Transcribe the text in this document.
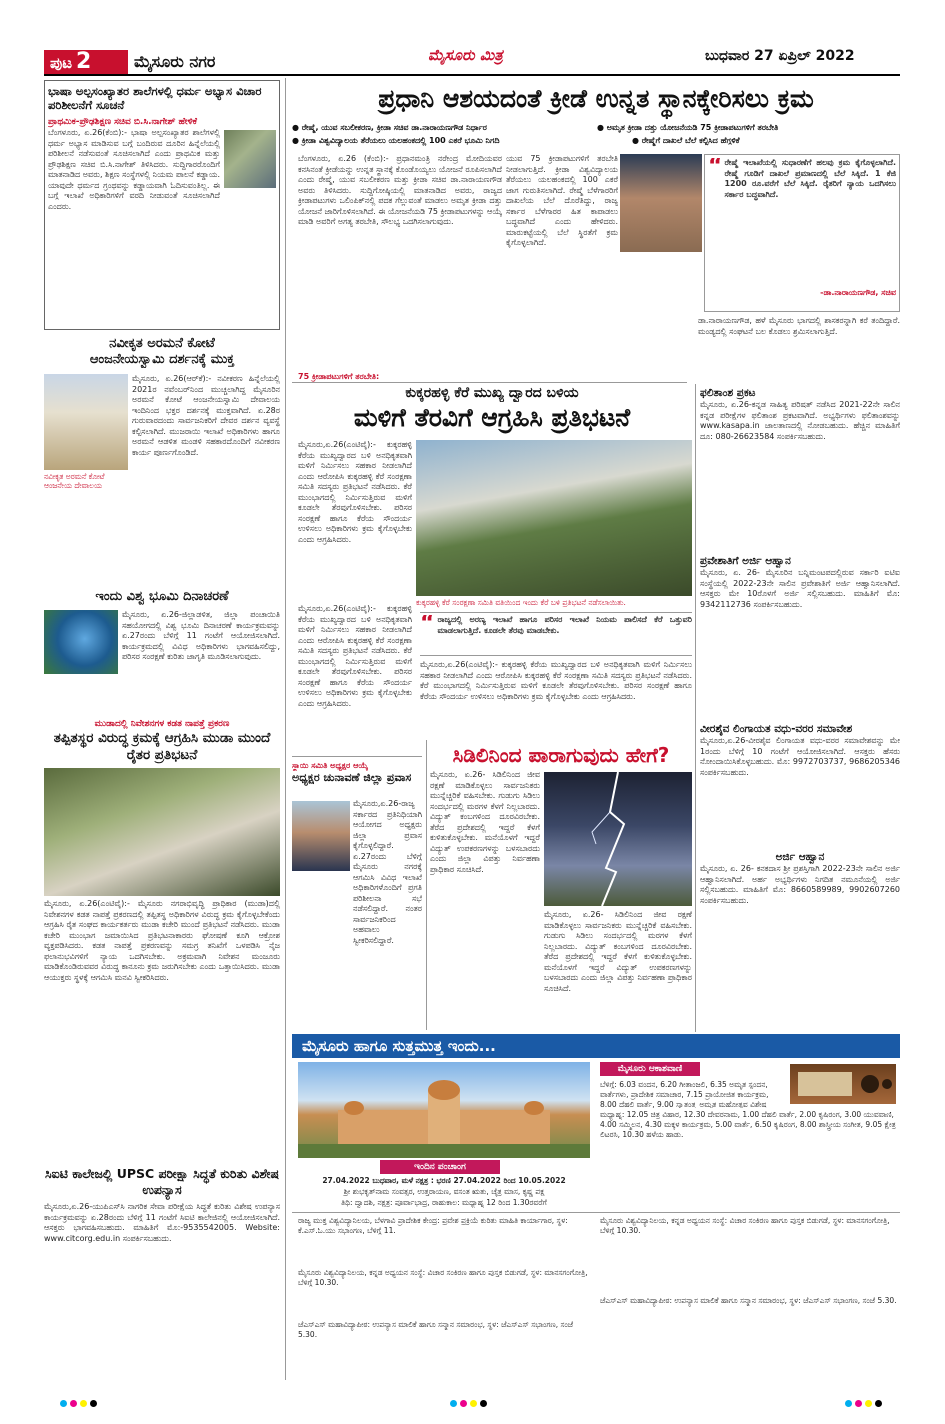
ಪುಟ 2	ಮೈಸೂರು ನಗರ	ಮೈಸೂರು ಮಿತ್ರ	ಬುಧವಾರ 27 ಏಪ್ರಿಲ್ 2022
ಭಾಷಾ ಅಲ್ಪಸಂಖ್ಯಾತರ ಶಾಲೆಗಳಲ್ಲಿ ಧರ್ಮ ಅಭ್ಯಾಸ ವಿಚಾರ ಪರಿಶೀಲನೆಗೆ ಸೂಚನೆ
ಪ್ರಾಥಮಿಕ-ಪ್ರೌಢಶಿಕ್ಷಣ ಸಚಿವ ಬಿ.ಸಿ.ನಾಗೇಶ್ ಹೇಳಿಕೆ
ಬೆಂಗಳೂರು, ಏ.26(ಕೆಂಬಿ):- ಭಾಷಾ ಅಲ್ಪಸಂಖ್ಯಾತರ ಶಾಲೆಗಳಲ್ಲಿ ಧರ್ಮ ಅಭ್ಯಾಸ ಮಾಡಿಸುವ ಬಗ್ಗೆ ಬಂದಿರುವ ದೂರಿನ ಹಿನ್ನೆಲೆಯಲ್ಲಿ ಪರಿಶೀಲನೆ ನಡೆಸುವಂತೆ ಸೂಚಿಸಲಾಗಿದೆ ಎಂದು ಪ್ರಾಥಮಿಕ ಮತ್ತು ಪ್ರೌಢಶಿಕ್ಷಣ ಸಚಿವ ಬಿ.ಸಿ.ನಾಗೇಶ್ ತಿಳಿಸಿದರು. ಸುದ್ದಿಗಾರರೊಂದಿಗೆ ಮಾತನಾಡಿದ ಅವರು, ಶಿಕ್ಷಣ ಸಂಸ್ಥೆಗಳಲ್ಲಿ ನಿಯಮ ಪಾಲನೆ ಕಡ್ಡಾಯ. ಯಾವುದೇ ಧರ್ಮದ ಗ್ರಂಥವನ್ನು ಕಡ್ಡಾಯವಾಗಿ ಓದಿಸುವಂತಿಲ್ಲ. ಈ ಬಗ್ಗೆ ಇಲಾಖೆ ಅಧಿಕಾರಿಗಳಿಗೆ ವರದಿ ನೀಡುವಂತೆ ಸೂಚಿಸಲಾಗಿದೆ ಎಂದರು.
ನವೀಕೃತ ಅರಮನೆ ಕೋಟೆ
ಆಂಜನೇಯಸ್ವಾಮಿ ದರ್ಶನಕ್ಕೆ ಮುಕ್ತ
ನವೀಕೃತ ಅರಮನೆ ಕೋಟೆ ಆಂಜನೇಯ ದೇವಾಲಯ
ಮೈಸೂರು, ಏ.26(ಆರ್‌ಕೆ):- ನವೀಕರಣ ಹಿನ್ನೆಲೆಯಲ್ಲಿ 2021ರ ನವೆಂಬರ್‌ನಿಂದ ಮುಚ್ಚಲಾಗಿದ್ದ ಮೈಸೂರಿನ ಅರಮನೆ ಕೋಟೆ ಆಂಜನೇಯಸ್ವಾಮಿ ದೇವಾಲಯ ಇಂದಿನಿಂದ ಭಕ್ತರ ದರ್ಶನಕ್ಕೆ ಮುಕ್ತವಾಗಿದೆ. ಏ.28ರ ಗುರುವಾರದಂದು ಸಾರ್ವಜನಿಕರಿಗೆ ದೇವರ ದರ್ಶನ ವ್ಯವಸ್ಥೆ ಕಲ್ಪಿಸಲಾಗಿದೆ. ಮುಜರಾಯಿ ಇಲಾಖೆ ಅಧಿಕಾರಿಗಳು ಹಾಗೂ ಅರಮನೆ ಆಡಳಿತ ಮಂಡಳಿ ಸಹಕಾರದೊಂದಿಗೆ ನವೀಕರಣ ಕಾರ್ಯ ಪೂರ್ಣಗೊಂಡಿದೆ.
ಇಂದು ವಿಶ್ವ ಭೂಮಿ ದಿನಾಚರಣೆ
ಮೈಸೂರು, ಏ.26-ಜಿಲ್ಲಾಡಳಿತ, ಜಿಲ್ಲಾ ಪಂಚಾಯಿತಿ ಸಹಯೋಗದಲ್ಲಿ ವಿಶ್ವ ಭೂಮಿ ದಿನಾಚರಣೆ ಕಾರ್ಯಕ್ರಮವನ್ನು ಏ.27ರಂದು ಬೆಳಿಗ್ಗೆ 11 ಗಂಟೆಗೆ ಆಯೋಜಿಸಲಾಗಿದೆ. ಕಾರ್ಯಕ್ರಮದಲ್ಲಿ ವಿವಿಧ ಅಧಿಕಾರಿಗಳು ಭಾಗವಹಿಸಲಿದ್ದು, ಪರಿಸರ ಸಂರಕ್ಷಣೆ ಕುರಿತು ಜಾಗೃತಿ ಮೂಡಿಸಲಾಗುವುದು.
ಮುಡಾದಲ್ಲಿ ನಿವೇಶನಗಳ ಕಡತ ನಾಪತ್ತೆ ಪ್ರಕರಣ
ತಪ್ಪಿತಸ್ಥರ ವಿರುದ್ಧ ಕ್ರಮಕ್ಕೆ ಆಗ್ರಹಿಸಿ ಮುಡಾ ಮುಂದೆ ರೈತರ ಪ್ರತಿಭಟನೆ
ಮೈಸೂರು, ಏ.26(ಎಂಟಿವೈ):- ಮೈಸೂರು ನಗರಾಭಿವೃದ್ಧಿ ಪ್ರಾಧಿಕಾರ (ಮುಡಾ)ದಲ್ಲಿ ನಿವೇಶನಗಳ ಕಡತ ನಾಪತ್ತೆ ಪ್ರಕರಣದಲ್ಲಿ ತಪ್ಪಿತಸ್ಥ ಅಧಿಕಾರಿಗಳ ವಿರುದ್ಧ ಕ್ರಮ ಕೈಗೊಳ್ಳಬೇಕೆಂದು ಆಗ್ರಹಿಸಿ ರೈತ ಸಂಘದ ಕಾರ್ಯಕರ್ತರು ಮುಡಾ ಕಚೇರಿ ಮುಂದೆ ಪ್ರತಿಭಟನೆ ನಡೆಸಿದರು. ಮುಡಾ ಕಚೇರಿ ಮುಂಭಾಗ ಜಮಾಯಿಸಿದ ಪ್ರತಿಭಟನಾಕಾರರು ಘೋಷಣೆ ಕೂಗಿ ಆಕ್ರೋಶ ವ್ಯಕ್ತಪಡಿಸಿದರು. ಕಡತ ನಾಪತ್ತೆ ಪ್ರಕರಣವನ್ನು ಸಮಗ್ರ ತನಿಖೆಗೆ ಒಳಪಡಿಸಿ ನೈಜ ಫಲಾನುಭವಿಗಳಿಗೆ ನ್ಯಾಯ ಒದಗಿಸಬೇಕು. ಅಕ್ರಮವಾಗಿ ನಿವೇಶನ ಮಂಜೂರು ಮಾಡಿಕೊಂಡಿರುವವರ ವಿರುದ್ಧ ಕಾನೂನು ಕ್ರಮ ಜರುಗಿಸಬೇಕು ಎಂದು ಒತ್ತಾಯಿಸಿದರು. ಮುಡಾ ಆಯುಕ್ತರು ಸ್ಥಳಕ್ಕೆ ಆಗಮಿಸಿ ಮನವಿ ಸ್ವೀಕರಿಸಿದರು.
ಸಿಐಟಿ ಕಾಲೇಜಲ್ಲಿ UPSC ಪರೀಕ್ಷಾ ಸಿದ್ಧತೆ ಕುರಿತು ವಿಶೇಷ ಉಪನ್ಯಾಸ
ಮೈಸೂರು,ಏ.26-ಯುಪಿಎಸ್‌ಸಿ ನಾಗರಿಕ ಸೇವಾ ಪರೀಕ್ಷೆಯ ಸಿದ್ಧತೆ ಕುರಿತು ವಿಶೇಷ ಉಪನ್ಯಾಸ ಕಾರ್ಯಕ್ರಮವನ್ನು ಏ.28ರಂದು ಬೆಳಿಗ್ಗೆ 11 ಗಂಟೆಗೆ ಸಿಐಟಿ ಕಾಲೇಜಿನಲ್ಲಿ ಆಯೋಜಿಸಲಾಗಿದೆ. ಆಸಕ್ತರು ಭಾಗವಹಿಸಬಹುದು. ಮಾಹಿತಿಗೆ ಮೊ:-9535542005. Website: www.citcorg.edu.in ಸಂಪರ್ಕಿಸಬಹುದು.
ಪ್ರಧಾನಿ ಆಶಯದಂತೆ ಕ್ರೀಡೆ ಉನ್ನತ ಸ್ಥಾನಕ್ಕೇರಿಸಲು ಕ್ರಮ
● ರೇಷ್ಮೆ, ಯುವ ಸಬಲೀಕರಣ, ಕ್ರೀಡಾ ಸಚಿವ ಡಾ.ನಾರಾಯಣಗೌಡ ನಿರ್ಧಾರ	● ಅಮೃತ ಕ್ರೀಡಾ ದತ್ತು ಯೋಜನೆಯಡಿ 75 ಕ್ರೀಡಾಪಟುಗಳಿಗೆ ತರಬೇತಿ
● ಕ್ರೀಡಾ ವಿಶ್ವವಿದ್ಯಾಲಯ ತೆರೆಯಲು ಯಲಹಂಕದಲ್ಲಿ 100 ಎಕರೆ ಭೂಮಿ ನಿಗದಿ	● ರೇಷ್ಮೆಗೆ ದಾಖಲೆ ಬೆಲೆ ಕಲ್ಪಿಸಿದ ಹೆಗ್ಗಳಿಕೆ
ಬೆಂಗಳೂರು, ಏ.26 (ಕೆಂಬಿ):- ಪ್ರಧಾನಮಂತ್ರಿ ನರೇಂದ್ರ ಮೋದಿಯವರ ಕನಸಿನಂತೆ ಕ್ರೀಡೆಯನ್ನು ಉನ್ನತ ಸ್ಥಾನಕ್ಕೆ ಕೊಂಡೊಯ್ಯಲು ಯೋಜನೆ ರೂಪಿಸಲಾಗಿದೆ ಎಂದು ರೇಷ್ಮೆ, ಯುವ ಸಬಲೀಕರಣ ಮತ್ತು ಕ್ರೀಡಾ ಸಚಿವ ಡಾ.ನಾರಾಯಣಗೌಡ ಅವರು ತಿಳಿಸಿದರು. ಸುದ್ದಿಗೋಷ್ಠಿಯಲ್ಲಿ ಮಾತನಾಡಿದ ಅವರು, ರಾಜ್ಯದ ಕ್ರೀಡಾಪಟುಗಳು ಒಲಿಂಪಿಕ್‌ನಲ್ಲಿ ಪದಕ ಗೆಲ್ಲುವಂತೆ ಮಾಡಲು ಅಮೃತ ಕ್ರೀಡಾ ದತ್ತು ಯೋಜನೆ ಜಾರಿಗೊಳಿಸಲಾಗಿದೆ. ಈ ಯೋಜನೆಯಡಿ 75 ಕ್ರೀಡಾಪಟುಗಳನ್ನು ಆಯ್ಕೆ ಮಾಡಿ ಅವರಿಗೆ ಅಗತ್ಯ ತರಬೇತಿ, ಸೌಲಭ್ಯ ಒದಗಿಸಲಾಗುವುದು.
ಯುವ 75 ಕ್ರೀಡಾಪಟುಗಳಿಗೆ ತರಬೇತಿ ನೀಡಲಾಗುತ್ತಿದೆ. ಕ್ರೀಡಾ ವಿಶ್ವವಿದ್ಯಾಲಯ ತೆರೆಯಲು ಯಲಹಂಕದಲ್ಲಿ 100 ಎಕರೆ ಜಾಗ ಗುರುತಿಸಲಾಗಿದೆ. ರೇಷ್ಮೆ ಬೆಳೆಗಾರರಿಗೆ ದಾಖಲೆಯ ಬೆಲೆ ದೊರೆತಿದ್ದು, ರಾಜ್ಯ ಸರ್ಕಾರ ಬೆಳೆಗಾರರ ಹಿತ ಕಾಪಾಡಲು ಬದ್ಧವಾಗಿದೆ ಎಂದು ಹೇಳಿದರು. ಮಾರುಕಟ್ಟೆಯಲ್ಲಿ ಬೆಲೆ ಸ್ಥಿರತೆಗೆ ಕ್ರಮ ಕೈಗೊಳ್ಳಲಾಗಿದೆ.
“ ರೇಷ್ಮೆ ಇಲಾಖೆಯಲ್ಲಿ ಸುಧಾರಣೆಗೆ ಹಲವು ಕ್ರಮ ಕೈಗೊಳ್ಳಲಾಗಿದೆ. ರೇಷ್ಮೆ ಗೂಡಿಗೆ ದಾಖಲೆ ಪ್ರಮಾಣದಲ್ಲಿ ಬೆಲೆ ಸಿಕ್ಕಿದೆ. 1 ಕೆಜಿ 1200 ರೂ.ವರೆಗೆ ಬೆಲೆ ಸಿಕ್ಕಿದೆ. ರೈತರಿಗೆ ನ್ಯಾಯ ಒದಗಿಸಲು ಸರ್ಕಾರ ಬದ್ಧವಾಗಿದೆ.
-ಡಾ.ನಾರಾಯಣಗೌಡ, ಸಚಿವ
ಡಾ.ನಾರಾಯಣಗೌಡ, ಹಳೆ ಮೈಸೂರು ಭಾಗದಲ್ಲಿ ಶಾಸಕರನ್ನಾಗಿ ಕರೆ ತಂದಿದ್ದಾರೆ. ಮಂಡ್ಯದಲ್ಲಿ ಸಂಘಟನೆ ಬಲ ಕೊಡಲು ಶ್ರಮಿಸಲಾಗುತ್ತಿದೆ.
75 ಕ್ರೀಡಾಪಟುಗಳಿಗೆ ತರಬೇತಿ:
ಕುಕ್ಕರಹಳ್ಳಿ ಕೆರೆ ಮುಖ್ಯ ದ್ವಾರದ ಬಳಿಯ
ಮಳಿಗೆ ತೆರವಿಗೆ ಆಗ್ರಹಿಸಿ ಪ್ರತಿಭಟನೆ
ಮೈಸೂರು,ಏ.26(ಎಂಟಿವೈ):- ಕುಕ್ಕರಹಳ್ಳಿ ಕೆರೆಯ ಮುಖ್ಯದ್ವಾರದ ಬಳಿ ಅನಧಿಕೃತವಾಗಿ ಮಳಿಗೆ ನಿರ್ಮಿಸಲು ಸಹಕಾರ ನೀಡಲಾಗಿದೆ ಎಂದು ಆರೋಪಿಸಿ ಕುಕ್ಕರಹಳ್ಳಿ ಕೆರೆ ಸಂರಕ್ಷಣಾ ಸಮಿತಿ ಸದಸ್ಯರು ಪ್ರತಿಭಟನೆ ನಡೆಸಿದರು. ಕೆರೆ ಮುಂಭಾಗದಲ್ಲಿ ನಿರ್ಮಿಸುತ್ತಿರುವ ಮಳಿಗೆ ಕೂಡಲೇ ತೆರವುಗೊಳಿಸಬೇಕು. ಪರಿಸರ ಸಂರಕ್ಷಣೆ ಹಾಗೂ ಕೆರೆಯ ಸೌಂದರ್ಯ ಉಳಿಸಲು ಅಧಿಕಾರಿಗಳು ಕ್ರಮ ಕೈಗೊಳ್ಳಬೇಕು ಎಂದು ಆಗ್ರಹಿಸಿದರು.
ಕುಕ್ಕರಹಳ್ಳಿ ಕೆರೆ ಸಂರಕ್ಷಣಾ ಸಮಿತಿ ವತಿಯಿಂದ ಇಂದು ಕೆರೆ ಬಳಿ ಪ್ರತಿಭಟನೆ ನಡೆಸಲಾಯಿತು.
“ ರಾಜ್ಯದಲ್ಲಿ ಅರಣ್ಯ ಇಲಾಖೆ ಹಾಗೂ ಪರಿಸರ ಇಲಾಖೆ ನಿಯಮ ಪಾಲಿಸದೆ ಕೆರೆ ಒತ್ತುವರಿ ಮಾಡಲಾಗುತ್ತಿದೆ. ಕೂಡಲೇ ತೆರವು ಮಾಡಬೇಕು.
ಮೈಸೂರು,ಏ.26(ಎಂಟಿವೈ):- ಕುಕ್ಕರಹಳ್ಳಿ ಕೆರೆಯ ಮುಖ್ಯದ್ವಾರದ ಬಳಿ ಅನಧಿಕೃತವಾಗಿ ಮಳಿಗೆ ನಿರ್ಮಿಸಲು ಸಹಕಾರ ನೀಡಲಾಗಿದೆ ಎಂದು ಆರೋಪಿಸಿ ಕುಕ್ಕರಹಳ್ಳಿ ಕೆರೆ ಸಂರಕ್ಷಣಾ ಸಮಿತಿ ಸದಸ್ಯರು ಪ್ರತಿಭಟನೆ ನಡೆಸಿದರು. ಕೆರೆ ಮುಂಭಾಗದಲ್ಲಿ ನಿರ್ಮಿಸುತ್ತಿರುವ ಮಳಿಗೆ ಕೂಡಲೇ ತೆರವುಗೊಳಿಸಬೇಕು. ಪರಿಸರ ಸಂರಕ್ಷಣೆ ಹಾಗೂ ಕೆರೆಯ ಸೌಂದರ್ಯ ಉಳಿಸಲು ಅಧಿಕಾರಿಗಳು ಕ್ರಮ ಕೈಗೊಳ್ಳಬೇಕು ಎಂದು ಆಗ್ರಹಿಸಿದರು.
ಮೈಸೂರು,ಏ.26(ಎಂಟಿವೈ):- ಕುಕ್ಕರಹಳ್ಳಿ ಕೆರೆಯ ಮುಖ್ಯದ್ವಾರದ ಬಳಿ ಅನಧಿಕೃತವಾಗಿ ಮಳಿಗೆ ನಿರ್ಮಿಸಲು ಸಹಕಾರ ನೀಡಲಾಗಿದೆ ಎಂದು ಆರೋಪಿಸಿ ಕುಕ್ಕರಹಳ್ಳಿ ಕೆರೆ ಸಂರಕ್ಷಣಾ ಸಮಿತಿ ಸದಸ್ಯರು ಪ್ರತಿಭಟನೆ ನಡೆಸಿದರು. ಕೆರೆ ಮುಂಭಾಗದಲ್ಲಿ ನಿರ್ಮಿಸುತ್ತಿರುವ ಮಳಿಗೆ ಕೂಡಲೇ ತೆರವುಗೊಳಿಸಬೇಕು. ಪರಿಸರ ಸಂರಕ್ಷಣೆ ಹಾಗೂ ಕೆರೆಯ ಸೌಂದರ್ಯ ಉಳಿಸಲು ಅಧಿಕಾರಿಗಳು ಕ್ರಮ ಕೈಗೊಳ್ಳಬೇಕು ಎಂದು ಆಗ್ರಹಿಸಿದರು.
ಸ್ಥಾಯಿ ಸಮಿತಿ ಅಧ್ಯಕ್ಷರ ಆಯ್ಕೆ
ಅಧ್ಯಕ್ಷರ ಚುನಾವಣೆ ಜಿಲ್ಲಾ ಪ್ರವಾಸ
ಮೈಸೂರು,ಏ.26-ರಾಜ್ಯ ಸರ್ಕಾರದ ಪ್ರತಿನಿಧಿಯಾಗಿ ಆಯೋಗದ ಅಧ್ಯಕ್ಷರು ಜಿಲ್ಲಾ ಪ್ರವಾಸ ಕೈಗೊಳ್ಳಲಿದ್ದಾರೆ. ಏ.27ರಂದು ಬೆಳಿಗ್ಗೆ ಮೈಸೂರು ನಗರಕ್ಕೆ ಆಗಮಿಸಿ ವಿವಿಧ ಇಲಾಖೆ ಅಧಿಕಾರಿಗಳೊಂದಿಗೆ ಪ್ರಗತಿ ಪರಿಶೀಲನಾ ಸಭೆ ನಡೆಸಲಿದ್ದಾರೆ. ನಂತರ ಸಾರ್ವಜನಿಕರಿಂದ ಅಹವಾಲು ಸ್ವೀಕರಿಸಲಿದ್ದಾರೆ.
ಸಿಡಿಲಿನಿಂದ ಪಾರಾಗುವುದು ಹೇಗೆ?
ಮೈಸೂರು, ಏ.26- ಸಿಡಿಲಿನಿಂದ ಜೀವ ರಕ್ಷಣೆ ಮಾಡಿಕೊಳ್ಳಲು ಸಾರ್ವಜನಿಕರು ಮುನ್ನೆಚ್ಚರಿಕೆ ವಹಿಸಬೇಕು. ಗುಡುಗು ಸಿಡಿಲು ಸಂದರ್ಭದಲ್ಲಿ ಮರಗಳ ಕೆಳಗೆ ನಿಲ್ಲಬಾರದು. ವಿದ್ಯುತ್ ಕಂಬಗಳಿಂದ ದೂರವಿರಬೇಕು. ತೆರೆದ ಪ್ರದೇಶದಲ್ಲಿ ಇದ್ದರೆ ಕೆಳಗೆ ಕುಳಿತುಕೊಳ್ಳಬೇಕು. ಮನೆಯೊಳಗೆ ಇದ್ದರೆ ವಿದ್ಯುತ್ ಉಪಕರಣಗಳನ್ನು ಬಳಸಬಾರದು ಎಂದು ಜಿಲ್ಲಾ ವಿಪತ್ತು ನಿರ್ವಹಣಾ ಪ್ರಾಧಿಕಾರ ಸೂಚಿಸಿದೆ.
ಮೈಸೂರು, ಏ.26- ಸಿಡಿಲಿನಿಂದ ಜೀವ ರಕ್ಷಣೆ ಮಾಡಿಕೊಳ್ಳಲು ಸಾರ್ವಜನಿಕರು ಮುನ್ನೆಚ್ಚರಿಕೆ ವಹಿಸಬೇಕು. ಗುಡುಗು ಸಿಡಿಲು ಸಂದರ್ಭದಲ್ಲಿ ಮರಗಳ ಕೆಳಗೆ ನಿಲ್ಲಬಾರದು. ವಿದ್ಯುತ್ ಕಂಬಗಳಿಂದ ದೂರವಿರಬೇಕು. ತೆರೆದ ಪ್ರದೇಶದಲ್ಲಿ ಇದ್ದರೆ ಕೆಳಗೆ ಕುಳಿತುಕೊಳ್ಳಬೇಕು. ಮನೆಯೊಳಗೆ ಇದ್ದರೆ ವಿದ್ಯುತ್ ಉಪಕರಣಗಳನ್ನು ಬಳಸಬಾರದು ಎಂದು ಜಿಲ್ಲಾ ವಿಪತ್ತು ನಿರ್ವಹಣಾ ಪ್ರಾಧಿಕಾರ ಸೂಚಿಸಿದೆ.
ಫಲಿತಾಂಶ ಪ್ರಕಟ
ಮೈಸೂರು, ಏ.26-ಕನ್ನಡ ಸಾಹಿತ್ಯ ಪರಿಷತ್ ನಡೆಸಿದ 2021-22ನೇ ಸಾಲಿನ ಕನ್ನಡ ಪರೀಕ್ಷೆಗಳ ಫಲಿತಾಂಶ ಪ್ರಕಟವಾಗಿದೆ. ಅಭ್ಯರ್ಥಿಗಳು ಫಲಿತಾಂಶವನ್ನು www.kasapa.in ಜಾಲತಾಣದಲ್ಲಿ ನೋಡಬಹುದು. ಹೆಚ್ಚಿನ ಮಾಹಿತಿಗೆ ದೂ: 080-26623584 ಸಂಪರ್ಕಿಸಬಹುದು.
ಪ್ರವೇಶಾತಿಗೆ ಅರ್ಜಿ ಆಹ್ವಾನ
ಮೈಸೂರು, ಏ. 26- ಮೈಸೂರಿನ ಬನ್ನಿಮಂಟಪದಲ್ಲಿರುವ ಸರ್ಕಾರಿ ಐಟಿಐ ಸಂಸ್ಥೆಯಲ್ಲಿ 2022-23ನೇ ಸಾಲಿನ ಪ್ರವೇಶಾತಿಗೆ ಅರ್ಜಿ ಆಹ್ವಾನಿಸಲಾಗಿದೆ. ಆಸಕ್ತರು ಮೇ 10ರೊಳಗೆ ಅರ್ಜಿ ಸಲ್ಲಿಸಬಹುದು. ಮಾಹಿತಿಗೆ ಮೊ: 9342112736 ಸಂಪರ್ಕಿಸಬಹುದು.
ವೀರಶೈವ ಲಿಂಗಾಯತ ವಧು-ವರರ ಸಮಾವೇಶ
ಮೈಸೂರು,ಏ.26-ವೀರಶೈವ ಲಿಂಗಾಯತ ವಧು-ವರರ ಸಮಾವೇಶವನ್ನು ಮೇ 1ರಂದು ಬೆಳಿಗ್ಗೆ 10 ಗಂಟೆಗೆ ಆಯೋಜಿಸಲಾಗಿದೆ. ಆಸಕ್ತರು ಹೆಸರು ನೋಂದಾಯಿಸಿಕೊಳ್ಳಬಹುದು. ಮೊ: 9972703737, 9686205346 ಸಂಪರ್ಕಿಸಬಹುದು.
ಅರ್ಜಿ ಆಹ್ವಾನ
ಮೈಸೂರು, ಏ. 26- ಕನಕದಾಸ ಶ್ರೀ ಪ್ರಶಸ್ತಿಗಾಗಿ 2022-23ನೇ ಸಾಲಿನ ಅರ್ಜಿ ಆಹ್ವಾನಿಸಲಾಗಿದೆ. ಅರ್ಹ ಅಭ್ಯರ್ಥಿಗಳು ನಿಗದಿತ ನಮೂನೆಯಲ್ಲಿ ಅರ್ಜಿ ಸಲ್ಲಿಸಬಹುದು. ಮಾಹಿತಿಗೆ ಮೊ: 8660589989, 9902607260 ಸಂಪರ್ಕಿಸಬಹುದು.
ಮೈಸೂರು ಹಾಗೂ ಸುತ್ತಮುತ್ತ ಇಂದು...
ಇಂದಿನ ಪಂಚಾಂಗ
27.04.2022 ಬುಧವಾರ, ಮಳೆ ನಕ್ಷತ್ರ : ಭರಣಿ 27.04.2022 ರಿಂದ 10.05.2022
ಶ್ರೀ ಶುಭಕೃತ್‌ನಾಮ ಸಂವತ್ಸರ, ಉತ್ತರಾಯಣ, ವಸಂತ ಋತು, ಚೈತ್ರ ಮಾಸ, ಕೃಷ್ಣ ಪಕ್ಷ
ತಿಥಿ: ದ್ವಾದಶಿ, ನಕ್ಷತ್ರ: ಪೂರ್ವಾಭಾದ್ರ, ರಾಹುಕಾಲ: ಮಧ್ಯಾಹ್ನ 12 ರಿಂದ 1.30ರವರೆಗೆ
ಮೈಸೂರು ಆಕಾಶವಾಣಿ
ಬೆಳಿಗ್ಗೆ: 6.03 ವಂದನ, 6.20 ಗೀತಾಂಜಲಿ, 6.35 ಅಮೃತ ಸ್ಪಂದನ, ವಾರ್ತೆಗಳು, ಪ್ರಾದೇಶಿಕ ಸಮಾಚಾರ, 7.15 ಪ್ರಾಯೋಜಿತ ಕಾರ್ಯಕ್ರಮ, 8.00 ದೆಹಲಿ ವಾರ್ತೆ, 9.00 ಸ್ವಾತಂತ್ರ್ಯ ಅಮೃತ ಮಹೋತ್ಸವ ವಿಶೇಷ
ಮಧ್ಯಾಹ್ನ: 12.05 ಚಿತ್ರ ವಿಹಾರ, 12.30 ದೇವರನಾಮ, 1.00 ದೆಹಲಿ ವಾರ್ತೆ, 2.00 ಕೃಷಿರಂಗ, 3.00 ಯುವವಾಣಿ, 4.00 ಸಮ್ಮಿಲನ, 4.30 ಮಕ್ಕಳ ಕಾರ್ಯಕ್ರಮ, 5.00 ವಾರ್ತೆ, 6.50 ಕೃಷಿರಂಗ, 8.00 ಶಾಸ್ತ್ರೀಯ ಸಂಗೀತ, 9.05 ಕ್ಷೇತ್ರ ಲಿಟರಸಿ, 10.30 ಹಳೆಯ ಹಾಡು.
ರಾಜ್ಯ ಮುಕ್ತ ವಿಶ್ವವಿದ್ಯಾನಿಲಯ, ಬೆಳಗಾವಿ ಪ್ರಾದೇಶಿಕ ಕೇಂದ್ರ: ಪ್ರವೇಶ ಪ್ರಕ್ರಿಯೆ ಕುರಿತು ಮಾಹಿತಿ ಕಾರ್ಯಾಗಾರ, ಸ್ಥಳ: ಕೆ.ಎಸ್.ಓ.ಯು ಸಭಾಂಗಣ, ಬೆಳಿಗ್ಗೆ 11.
ಮೈಸೂರು ವಿಶ್ವವಿದ್ಯಾನಿಲಯ, ಕನ್ನಡ ಅಧ್ಯಯನ ಸಂಸ್ಥೆ: ವಿಚಾರ ಸಂಕಿರಣ ಹಾಗೂ ಪುಸ್ತಕ ಬಿಡುಗಡೆ, ಸ್ಥಳ: ಮಾನಸಗಂಗೋತ್ರಿ, ಬೆಳಿಗ್ಗೆ 10.30.
ಜೆಎಸ್‌ಎಸ್ ಮಹಾವಿದ್ಯಾಪೀಠ: ಉಪನ್ಯಾಸ ಮಾಲಿಕೆ ಹಾಗೂ ಸನ್ಮಾನ ಸಮಾರಂಭ, ಸ್ಥಳ: ಜೆಎಸ್‌ಎಸ್ ಸಭಾಂಗಣ, ಸಂಜೆ 5.30.
ಮೈಸೂರು ವಿಶ್ವವಿದ್ಯಾನಿಲಯ, ಕನ್ನಡ ಅಧ್ಯಯನ ಸಂಸ್ಥೆ: ವಿಚಾರ ಸಂಕಿರಣ ಹಾಗೂ ಪುಸ್ತಕ ಬಿಡುಗಡೆ, ಸ್ಥಳ: ಮಾನಸಗಂಗೋತ್ರಿ, ಬೆಳಿಗ್ಗೆ 10.30.
ಜೆಎಸ್‌ಎಸ್ ಮಹಾವಿದ್ಯಾಪೀಠ: ಉಪನ್ಯಾಸ ಮಾಲಿಕೆ ಹಾಗೂ ಸನ್ಮಾನ ಸಮಾರಂಭ, ಸ್ಥಳ: ಜೆಎಸ್‌ಎಸ್ ಸಭಾಂಗಣ, ಸಂಜೆ 5.30.
